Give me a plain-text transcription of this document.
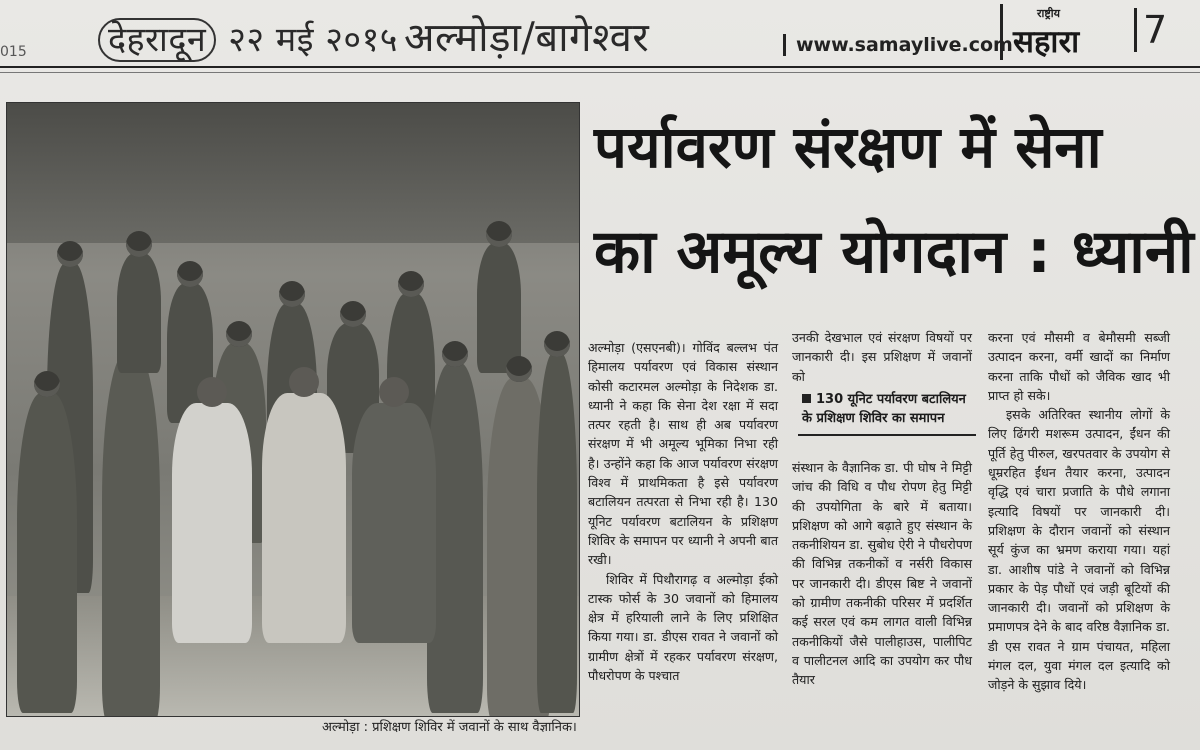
015 देहरादून २२ मई २०१५ अल्मोड़ा/बागेश्वर	www.samaylive.com
राष्ट्रीय
सहारा 7
अल्मोड़ा : प्रशिक्षण शिविर में जवानों के साथ वैज्ञानिक।
पर्यावरण संरक्षण में सेना
का अमूल्य योगदान : ध्यानी

अल्मोड़ा (एसएनबी)। गोविंद बल्लभ पंत हिमालय पर्यावरण एवं विकास संस्थान कोसी कटारमल अल्मोड़ा के निदेशक डा. ध्यानी ने कहा कि सेना देश रक्षा में सदा तत्पर रहती है। साथ ही अब पर्यावरण संरक्षण में भी अमूल्य भूमिका निभा रही है। उन्होंने कहा कि आज पर्यावरण संरक्षण विश्व में प्राथमिकता है इसे पर्यावरण बटालियन तत्परता से निभा रही है। 130 यूनिट पर्यावरण बटालियन के प्रशिक्षण शिविर के समापन पर ध्यानी ने अपनी बात रखी।

शिविर में पिथौरागढ़ व अल्मोड़ा ईको टास्क फोर्स के 30 जवानों को हिमालय क्षेत्र में हरियाली लाने के लिए प्रशिक्षित किया गया। डा. डीएस रावत ने जवानों को ग्रामीण क्षेत्रों में रहकर पर्यावरण संरक्षण, पौधरोपण के पश्चात

उनकी देखभाल एवं संरक्षण विषयों पर जानकारी दी। इस प्रशिक्षण में जवानों को

130 यूनिट पर्यावरण बटालियन के प्रशिक्षण शिविर का समापन

संस्थान के वैज्ञानिक डा. पी घोष ने मिट्टी जांच की विधि व पौध रोपण हेतु मिट्टी की उपयोगिता के बारे में बताया। प्रशिक्षण को आगे बढ़ाते हुए संस्थान के तकनीशियन डा. सुबोध ऐरी ने पौधरोपण की विभिन्न तकनीकों व नर्सरी विकास पर जानकारी दी। डीएस बिष्ट ने जवानों को ग्रामीण तकनीकी परिसर में प्रदर्शित कई सरल एवं कम लागत वाली विभिन्न तकनीकियों जैसे पालीहाउस, पालीपिट व पालीटनल आदि का उपयोग कर पौध तैयार

करना एवं मौसमी व बेमौसमी सब्जी उत्पादन करना, वर्मी खादों का निर्माण करना ताकि पौधों को जैविक खाद भी प्राप्त हो सके।

इसके अतिरिक्त स्थानीय लोगों के लिए ढिंगरी मशरूम उत्पादन, ईंधन की पूर्ति हेतु पीरुल, खरपतवार के उपयोग से धूम्ररहित ईंधन तैयार करना, उत्पादन वृद्धि एवं चारा प्रजाति के पौधे लगाना इत्यादि विषयों पर जानकारी दी। प्रशिक्षण के दौरान जवानों को संस्थान सूर्य कुंज का भ्रमण कराया गया। यहां डा. आशीष पांडे ने जवानों को विभिन्न प्रकार के पेड़ पौधों एवं जड़ी बूटियों की जानकारी दी। जवानों को प्रशिक्षण के प्रमाणपत्र देने के बाद वरिष्ठ वैज्ञानिक डा. डी एस रावत ने ग्राम पंचायत, महिला मंगल दल, युवा मंगल दल इत्यादि को जोड़ने के सुझाव दिये।
